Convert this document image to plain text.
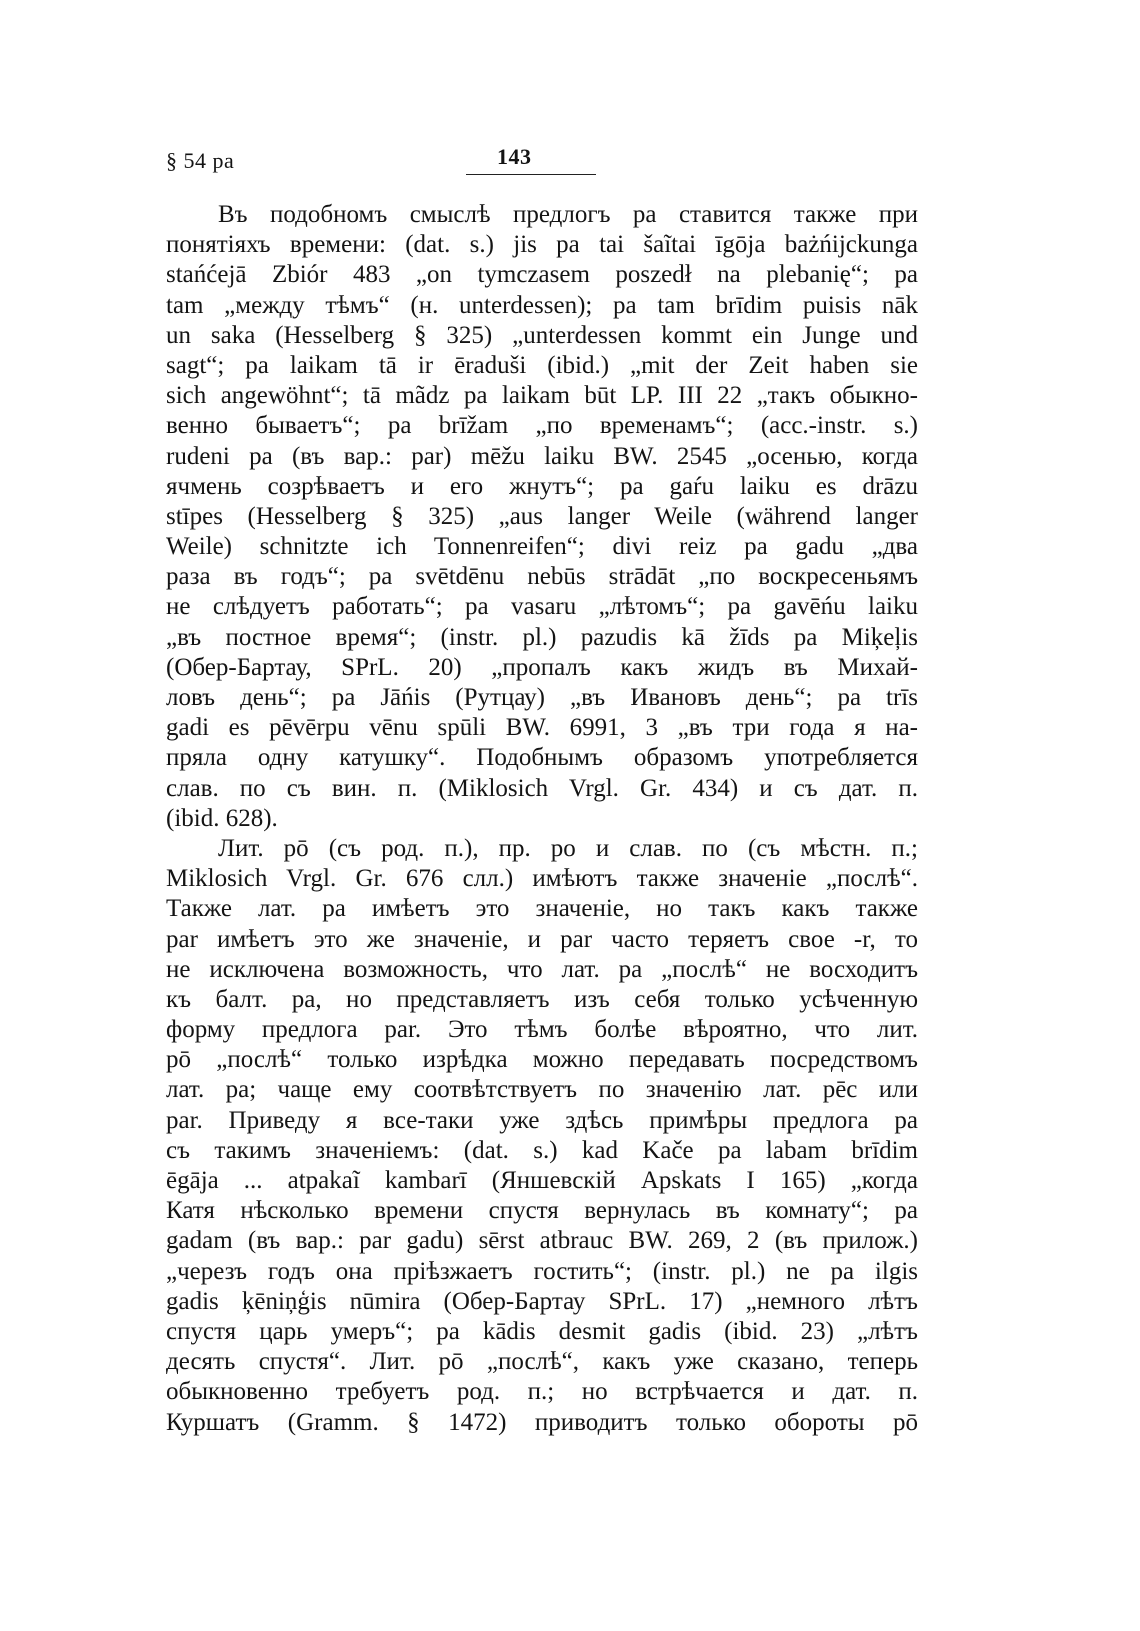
§ 54 pa	143
Въ подобномъ смыслѣ предлогъ pa ставится также при
понятіяхъ времени: (dat. s.) jis pa tai šaĩtai īgōja bażńijckunga
stańćejā Zbiór 483 „on tymczasem poszedł na plebanię“; pa
tam „между тѣмъ“ (н. unterdessen); pa tam brīdim puisis nāk
un saka (Hesselberg § 325) „unterdessen kommt ein Junge und
sagt“; pa laikam tā ir ēraduši (ibid.) „mit der Zeit haben sie
sich angewöhnt“; tā mãdz pa laikam būt LP. III 22 „такъ обыкно-
венно бываетъ“; pa brīžam „по временамъ“; (acc.-instr. s.)
rudeni pa (въ вар.: par) mēžu laiku BW. 2545 „осенью, когда
ячмень созрѣваетъ и его жнутъ“; pa gaŕu laiku es drāzu
stīpes (Hesselberg § 325) „aus langer Weile (während langer
Weile) schnitzte ich Tonnenreifen“; divi reiz pa gadu „два
раза въ годъ“; pa svētdēnu nebūs strādāt „по воскресеньямъ
не слѣдуетъ работать“; pa vasaru „лѣтомъ“; pa gavēńu laiku
„въ постное время“; (instr. pl.) pazudis kā žīds pa Miķeļis
(Обер-Бартау, SPrL. 20) „пропалъ какъ жидъ въ Михай-
ловъ день“; pa Jāńis (Рутцау) „въ Ивановъ день“; pa trīs
gadi es pēvērpu vēnu spūli BW. 6991, 3 „въ три года я на-
пряла одну катушку“. Подобнымъ образомъ употребляется
слав. по съ вин. п. (Miklosich Vrgl. Gr. 434) и съ дат. п.
(ibid. 628).
Лит. pō (съ род. п.), пр. po и слав. по (съ мѣстн. п.;
Miklosich Vrgl. Gr. 676 слл.) имѣютъ также значеніе „послѣ“.
Также лат. pa имѣетъ это значеніе, но такъ какъ также
par имѣетъ это же значеніе, и par часто теряетъ свое -r, то
не исключена возможность, что лат. pa „послѣ“ не восходитъ
къ балт. pa, но представляетъ изъ себя только усѣченную
форму предлога par. Это тѣмъ болѣе вѣроятно, что лит.
pō „послѣ“ только изрѣдка можно передавать посредствомъ
лат. pa; чаще ему соотвѣтствуетъ по значенію лат. pēc или
par. Приведу я все-таки уже здѣсь примѣры предлога pa
съ такимъ значеніемъ: (dat. s.) kad Kače pa labam brīdim
ēgāja ... atpakaĩ kambarī (Яншевскій Apskats I 165) „когда
Катя нѣсколько времени спустя вернулась въ комнату“; pa
gadam (въ вар.: par gadu) sērst atbrauc BW. 269, 2 (въ прилож.)
„черезъ годъ она пріѣзжаетъ гостить“; (instr. pl.) ne pa ilgis
gadis ķēniņģis nūmira (Обер-Бартау SPrL. 17) „немного лѣтъ
спустя царь умеръ“; pa kādis desmit gadis (ibid. 23) „лѣтъ
десять спустя“. Лит. pō „послѣ“, какъ уже сказано, теперь
обыкновенно требуетъ род. п.; но встрѣчается и дат. п.
Куршатъ (Gramm. § 1472) приводитъ только обороты pō
